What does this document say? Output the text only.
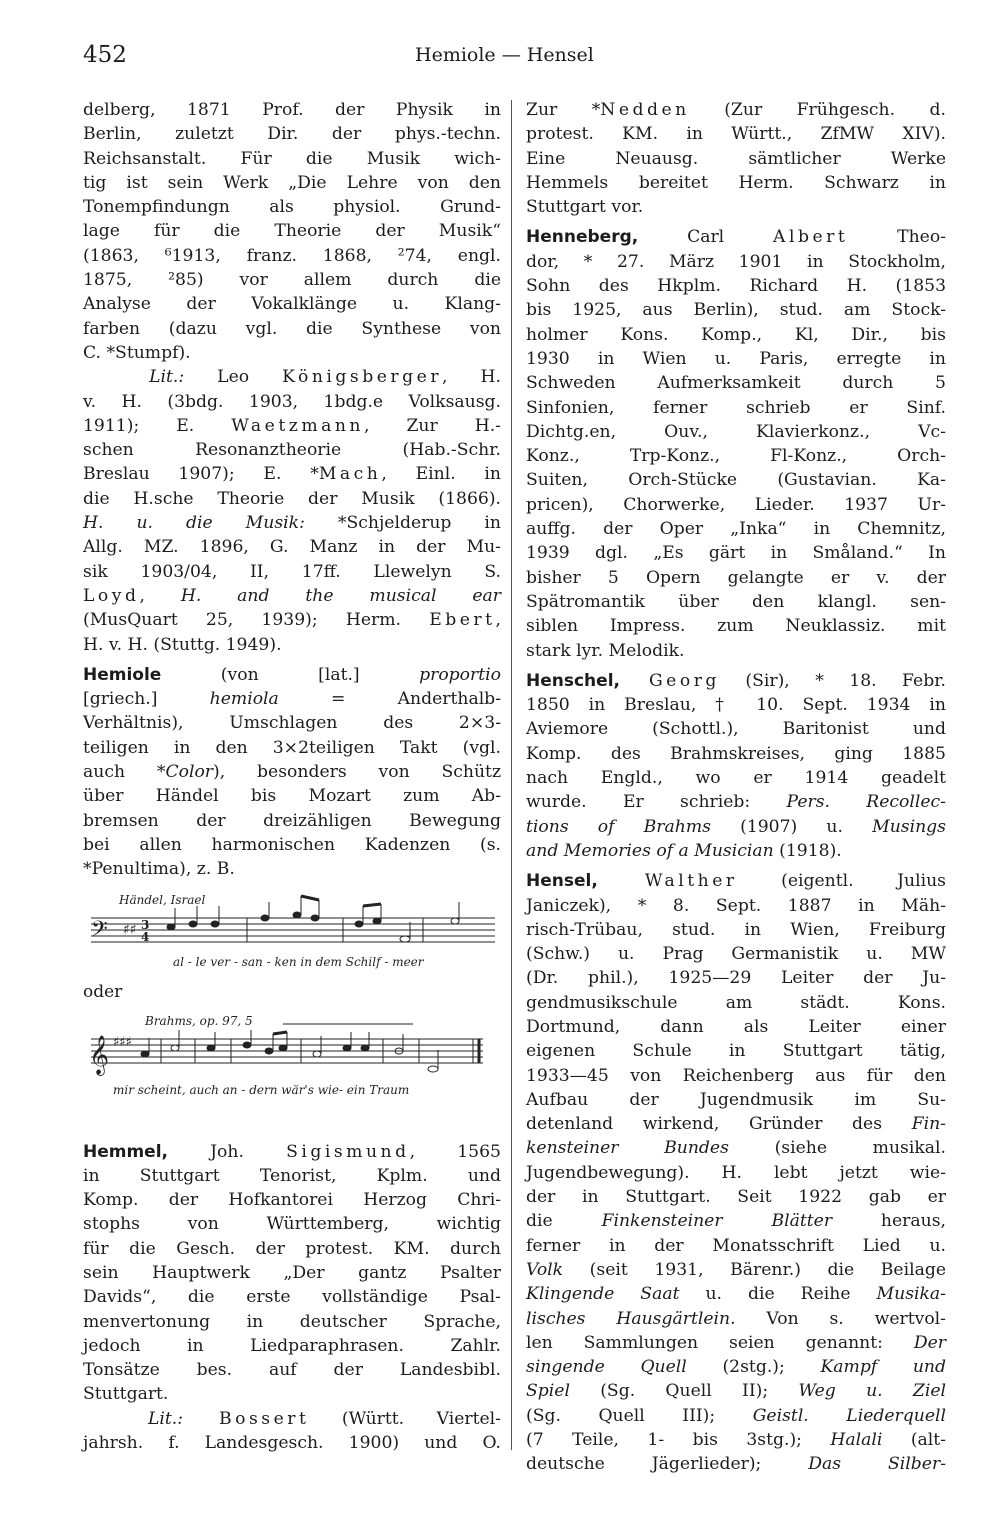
452	Hemiole — Hensel
delberg, 1871 Prof. der Physik in
Berlin, zuletzt Dir. der phys.-techn.
Reichsanstalt. Für die Musik wich-
tig ist sein Werk „Die Lehre von den
Tonempfindungn als physiol. Grund-
lage für die Theorie der Musik“
(1863, ⁶1913, franz. 1868, ²74, engl.
1875, ²85) vor allem durch die
Analyse der Vokalklänge u. Klang-
farben (dazu vgl. die Synthese von
C. *Stumpf).
Lit.: Leo Königsberger, H.
v. H. (3bdg. 1903, 1bdg.e Volksausg.
1911); E. Waetzmann, Zur H.-
schen Resonanztheorie (Hab.-Schr.
Breslau 1907); E. *Mach, Einl. in
die H.sche Theorie der Musik (1866).
H. u. die Musik: *Schjelderup in
Allg. MZ. 1896, G. Manz in der Mu-
sik 1903/04, II, 17ff. Llewelyn S.
Loyd, H. and the musical ear
(MusQuart 25, 1939); Herm. Ebert,
H. v. H. (Stuttg. 1949).
Hemiole (von [lat.] proportio
[griech.] hemiola = Anderthalb-
Verhältnis), Umschlagen des 2×3-
teiligen in den 3×2teiligen Takt (vgl.
auch *Color), besonders von Schütz
über Händel bis Mozart zum Ab-
bremsen der dreizähligen Bewegung
bei allen harmonischen Kadenzen (s.
*Penultima), z. B.
Händel, Israel
𝄢 ♯♯ 3
4
al - le ver - san - ken in dem Schilf - meer
Brahms, op. 97, 5
𝄞 ♯♯♯
mir scheint, auch an - dern wär's wie- ein Traum
oder
Hemmel, Joh. Sigismund, 1565
in Stuttgart Tenorist, Kplm. und
Komp. der Hofkantorei Herzog Chri-
stophs von Württemberg, wichtig
für die Gesch. der protest. KM. durch
sein Hauptwerk „Der gantz Psalter
Davids“, die erste vollständige Psal-
menvertonung in deutscher Sprache,
jedoch in Liedparaphrasen. Zahlr.
Tonsätze bes. auf der Landesbibl.
Stuttgart.
Lit.: Bossert (Württ. Viertel-
jahrsh. f. Landesgesch. 1900) und O.
Zur *Nedden (Zur Frühgesch. d.
protest. KM. in Württ., ZfMW XIV).
Eine Neuausg. sämtlicher Werke
Hemmels bereitet Herm. Schwarz in
Stuttgart vor.
Henneberg, Carl Albert Theo-
dor, * 27. März 1901 in Stockholm,
Sohn des Hkplm. Richard H. (1853
bis 1925, aus Berlin), stud. am Stock-
holmer Kons. Komp., Kl, Dir., bis
1930 in Wien u. Paris, erregte in
Schweden Aufmerksamkeit durch 5
Sinfonien, ferner schrieb er Sinf.
Dichtg.en, Ouv., Klavierkonz., Vc-
Konz., Trp-Konz., Fl-Konz., Orch-
Suiten, Orch-Stücke (Gustavian. Ka-
pricen), Chorwerke, Lieder. 1937 Ur-
auffg. der Oper „Inka“ in Chemnitz,
1939 dgl. „Es gärt in Småland.“ In
bisher 5 Opern gelangte er v. der
Spätromantik über den klangl. sen-
siblen Impress. zum Neuklassiz. mit
stark lyr. Melodik.
Henschel, Georg (Sir), * 18. Febr.
1850 in Breslau, † 10. Sept. 1934 in
Aviemore (Schottl.), Baritonist und
Komp. des Brahmskreises, ging 1885
nach Engld., wo er 1914 geadelt
wurde. Er schrieb: Pers. Recollec-
tions of Brahms (1907) u. Musings
and Memories of a Musician (1918).
Hensel, Walther (eigentl. Julius
Janiczek), * 8. Sept. 1887 in Mäh-
risch-Trübau, stud. in Wien, Freiburg
(Schw.) u. Prag Germanistik u. MW
(Dr. phil.), 1925—29 Leiter der Ju-
gendmusikschule am städt. Kons.
Dortmund, dann als Leiter einer
eigenen Schule in Stuttgart tätig,
1933—45 von Reichenberg aus für den
Aufbau der Jugendmusik im Su-
detenland wirkend, Gründer des Fin-
kensteiner Bundes (siehe musikal.
Jugendbewegung). H. lebt jetzt wie-
der in Stuttgart. Seit 1922 gab er
die Finkensteiner Blätter heraus,
ferner in der Monatsschrift Lied u.
Volk (seit 1931, Bärenr.) die Beilage
Klingende Saat u. die Reihe Musika-
lisches Hausgärtlein. Von s. wertvol-
len Sammlungen seien genannt: Der
singende Quell (2stg.); Kampf und
Spiel (Sg. Quell II); Weg u. Ziel
(Sg. Quell III); Geistl. Liederquell
(7 Teile, 1- bis 3stg.); Halali (alt-
deutsche Jägerlieder); Das Silber-
